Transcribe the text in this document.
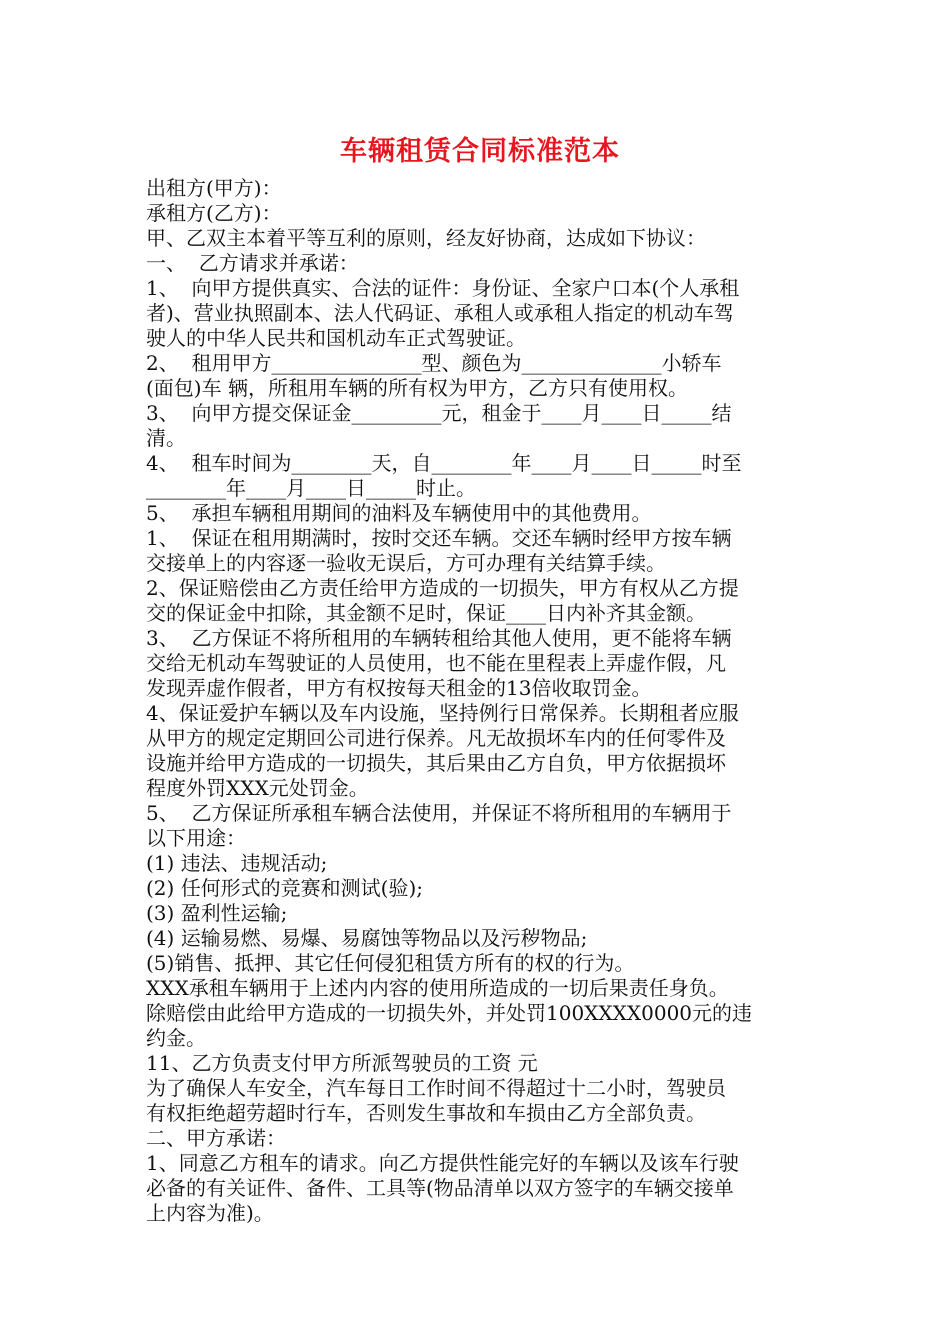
车辆租赁合同标准范本

出租方(甲方)：

承租方(乙方)：

甲、乙双主本着平等互利的原则，经友好协商，达成如下协议：

一、  乙方请求并承诺：

1、  向甲方提供真实、合法的证件：身份证、全家户口本(个人承租

者)、营业执照副本、法人代码证、承租人或承租人指定的机动车驾

驶人的中华人民共和国机动车正式驾驶证。

2、  租用甲方_______________型、颜色为______________小轿车

(面包)车 辆，所租用车辆的所有权为甲方，乙方只有使用权。

3、  向甲方提交保证金_________元，租金于____月____日_____结

清。

4、  租车时间为________天，自________年____月____日_____时至

________年____月____日_____时止。

5、  承担车辆租用期间的油料及车辆使用中的其他费用。

1、  保证在租用期满时，按时交还车辆。交还车辆时经甲方按车辆

交接单上的内容逐一验收无误后，方可办理有关结算手续。

2、保证赔偿由乙方责任给甲方造成的一切损失，甲方有权从乙方提

交的保证金中扣除，其金额不足时，保证____日内补齐其金额。

3、  乙方保证不将所租用的车辆转租给其他人使用，更不能将车辆

交给无机动车驾驶证的人员使用，也不能在里程表上弄虚作假，凡

发现弄虚作假者，甲方有权按每天租金的13倍收取罚金。

4、保证爱护车辆以及车内设施，坚持例行日常保养。长期租者应服

从甲方的规定定期回公司进行保养。凡无故损坏车内的任何零件及

设施并给甲方造成的一切损失，其后果由乙方自负，甲方依据损坏

程度外罚XXX元处罚金。

5、  乙方保证所承租车辆合法使用，并保证不将所租用的车辆用于

以下用途：

(1) 违法、违规活动;

(2) 任何形式的竞赛和测试(验);

(3) 盈利性运输;

(4) 运输易燃、易爆、易腐蚀等物品以及污秽物品;

(5)销售、抵押、其它任何侵犯租赁方所有的权的行为。

XXX承租车辆用于上述内内容的使用所造成的一切后果责任身负。

除赔偿由此给甲方造成的一切损失外，并处罚100XXXX0000元的违

约金。

11、乙方负责支付甲方所派驾驶员的工资 元

为了确保人车安全，汽车每日工作时间不得超过十二小时，驾驶员

有权拒绝超劳超时行车，否则发生事故和车损由乙方全部负责。

二、甲方承诺：

1、同意乙方租车的请求。向乙方提供性能完好的车辆以及该车行驶

必备的有关证件、备件、工具等(物品清单以双方签字的车辆交接单

上内容为准)。
